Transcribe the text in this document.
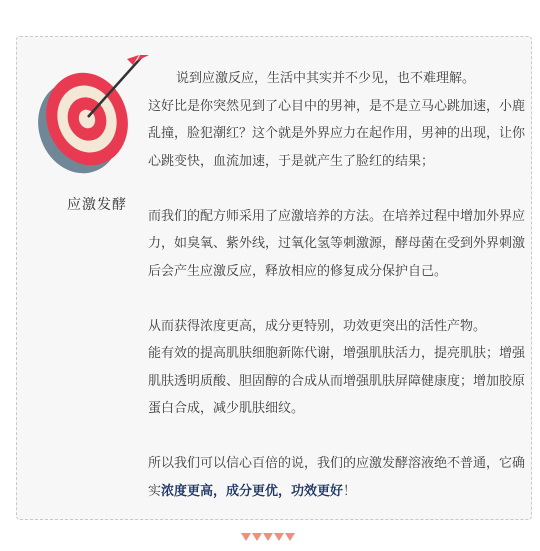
应激发酵

说到应激反应，生活中其实并不少见，也不难理解。

这好比是你突然见到了心目中的男神，是不是立马心跳加速，小鹿乱撞，脸犯潮红？这个就是外界应力在起作用，男神的出现，让你心跳变快，血流加速，于是就产生了脸红的结果；

而我们的配方师采用了应激培养的方法。在培养过程中增加外界应力，如臭氧、紫外线，过氧化氢等刺激源，酵母菌在受到外界刺激后会产生应激反应，释放相应的修复成分保护自己。

从而获得浓度更高，成分更特别，功效更突出的活性产物。

能有效的提高肌肤细胞新陈代谢，增强肌肤活力，提亮肌肤；增强肌肤透明质酸、胆固醇的合成从而增强肌肤屏障健康度；增加胶原蛋白合成，减少肌肤细纹。

所以我们可以信心百倍的说，我们的应激发酵溶液绝不普通，它确实浓度更高，成分更优，功效更好！
